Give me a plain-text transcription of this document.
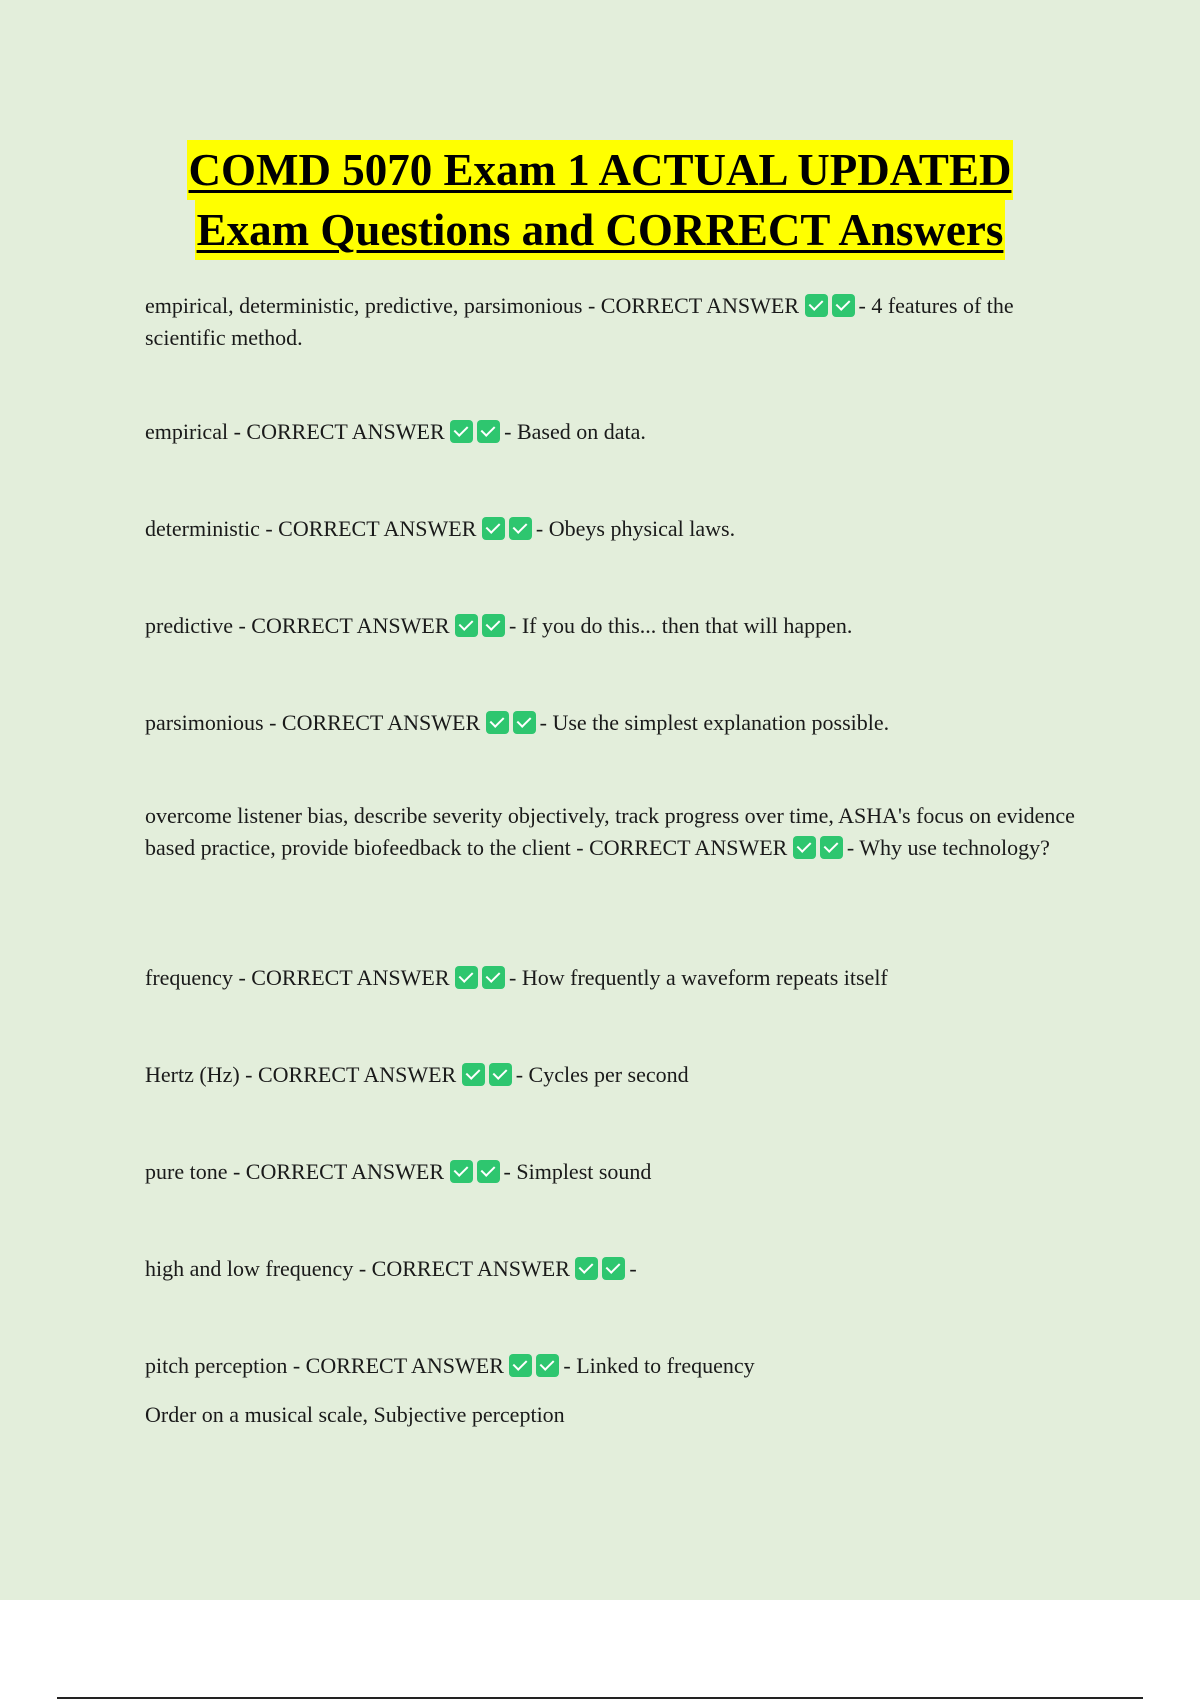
COMD 5070 Exam 1 ACTUAL UPDATED
Exam Questions and CORRECT Answers
empirical, deterministic, predictive, parsimonious - CORRECT ANSWER	- 4 features of the scientific method.
empirical - CORRECT ANSWER	- Based on data.
deterministic - CORRECT ANSWER	- Obeys physical laws.
predictive - CORRECT ANSWER	- If you do this... then that will happen.
parsimonious - CORRECT ANSWER	- Use the simplest explanation possible.
overcome listener bias, describe severity objectively, track progress over time, ASHA's focus on evidence based practice, provide biofeedback to the client - CORRECT ANSWER	- Why use technology?
frequency - CORRECT ANSWER	- How frequently a waveform repeats itself
Hertz (Hz) - CORRECT ANSWER	- Cycles per second
pure tone - CORRECT ANSWER	- Simplest sound
high and low frequency - CORRECT ANSWER	-
pitch perception - CORRECT ANSWER	- Linked to frequency
Order on a musical scale, Subjective perception
